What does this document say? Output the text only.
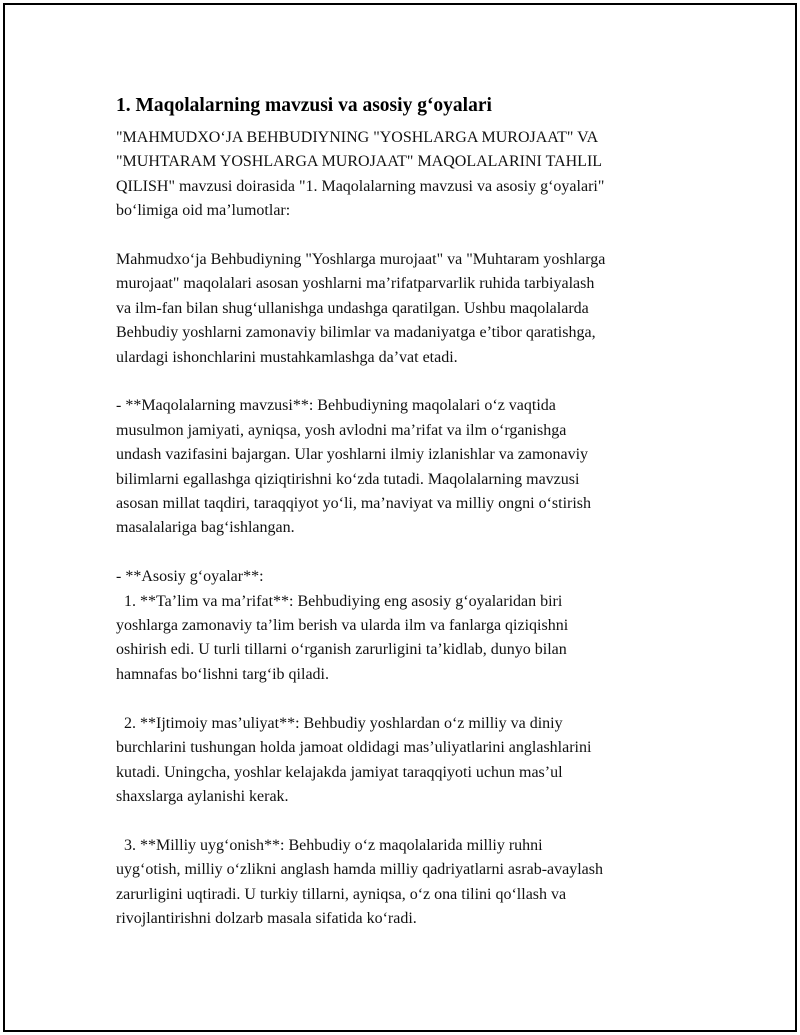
1. Maqolalarning mavzusi va asosiy g‘oyalari

"MAHMUDXO‘JA BEHBUDIYNING "YOSHLARGA MUROJAAT" VA
"MUHTARAM YOSHLARGA MUROJAAT" MAQOLALARINI TAHLIL
QILISH" mavzusi doirasida "1. Maqolalarning mavzusi va asosiy g‘oyalari"
bo‘limiga oid ma’lumotlar:

Mahmudxo‘ja Behbudiyning "Yoshlarga murojaat" va "Muhtaram yoshlarga
murojaat" maqolalari asosan yoshlarni ma’rifatparvarlik ruhida tarbiyalash
va ilm-fan bilan shug‘ullanishga undashga qaratilgan. Ushbu maqolalarda
Behbudiy yoshlarni zamonaviy bilimlar va madaniyatga e’tibor qaratishga,
ulardagi ishonchlarini mustahkamlashga da’vat etadi.

- **Maqolalarning mavzusi**: Behbudiyning maqolalari o‘z vaqtida
musulmon jamiyati, ayniqsa, yosh avlodni ma’rifat va ilm o‘rganishga
undash vazifasini bajargan. Ular yoshlarni ilmiy izlanishlar va zamonaviy
bilimlarni egallashga qiziqtirishni ko‘zda tutadi. Maqolalarning mavzusi
asosan millat taqdiri, taraqqiyot yo‘li, ma’naviyat va milliy ongni o‘stirish
masalalariga bag‘ishlangan.

- **Asosiy g‘oyalar**:
1. **Ta’lim va ma’rifat**: Behbudiying eng asosiy g‘oyalaridan biri
yoshlarga zamonaviy ta’lim berish va ularda ilm va fanlarga qiziqishni
oshirish edi. U turli tillarni o‘rganish zarurligini ta’kidlab, dunyo bilan
hamnafas bo‘lishni targ‘ib qiladi.

2. **Ijtimoiy mas’uliyat**: Behbudiy yoshlardan o‘z milliy va diniy
burchlarini tushungan holda jamoat oldidagi mas’uliyatlarini anglashlarini
kutadi. Uningcha, yoshlar kelajakda jamiyat taraqqiyoti uchun mas’ul
shaxslarga aylanishi kerak.

3. **Milliy uyg‘onish**: Behbudiy o‘z maqolalarida milliy ruhni
uyg‘otish, milliy o‘zlikni anglash hamda milliy qadriyatlarni asrab-avaylash
zarurligini uqtiradi. U turkiy tillarni, ayniqsa, o‘z ona tilini qo‘llash va
rivojlantirishni dolzarb masala sifatida ko‘radi.
